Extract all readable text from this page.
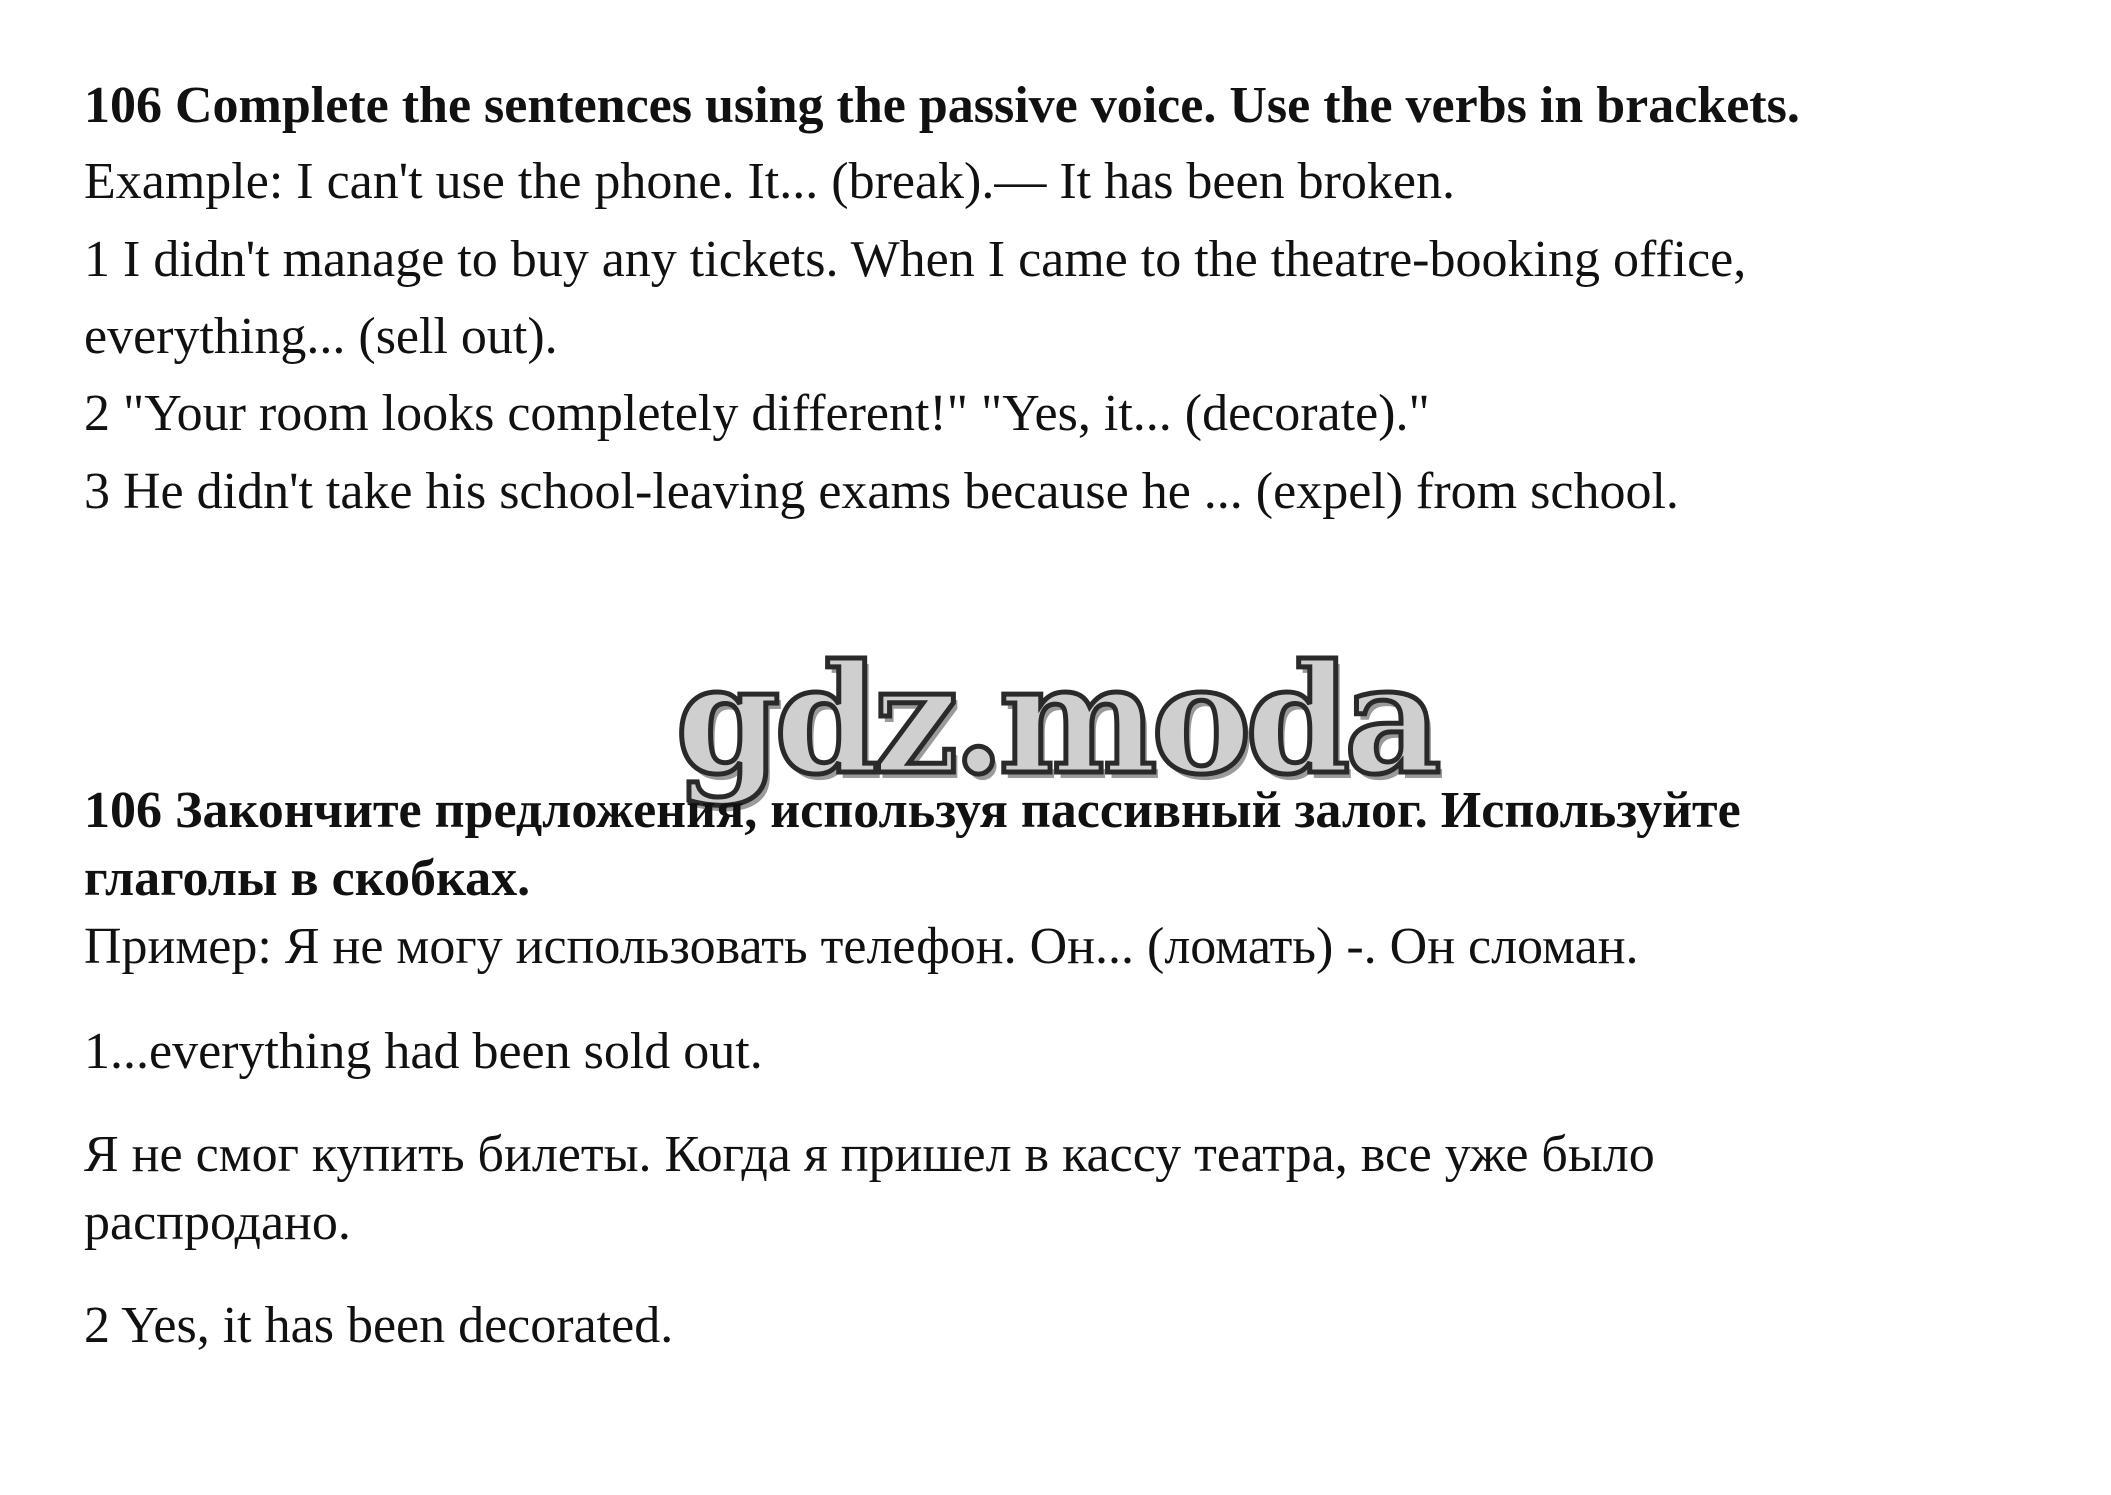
106 Complete the sentences using the passive voice. Use the verbs in brackets.
Example: I can't use the phone. It... (break).— It has been broken.
1 I didn't manage to buy any tickets. When I came to the theatre-booking office,
everything... (sell out).
2 "Your room looks completely different!" "Yes, it... (decorate)."
3 He didn't take his school-leaving exams because he ... (expel) from school.
gdz.moda
106 Закончите предложения, используя пассивный залог. Используйте
глаголы в скобках.
Пример: Я не могу использовать телефон. Он... (ломать) -. Он сломан.
1...everything had been sold out.
Я не смог купить билеты. Когда я пришел в кассу театра, все уже было
распродано.
2 Yes, it has been decorated.
